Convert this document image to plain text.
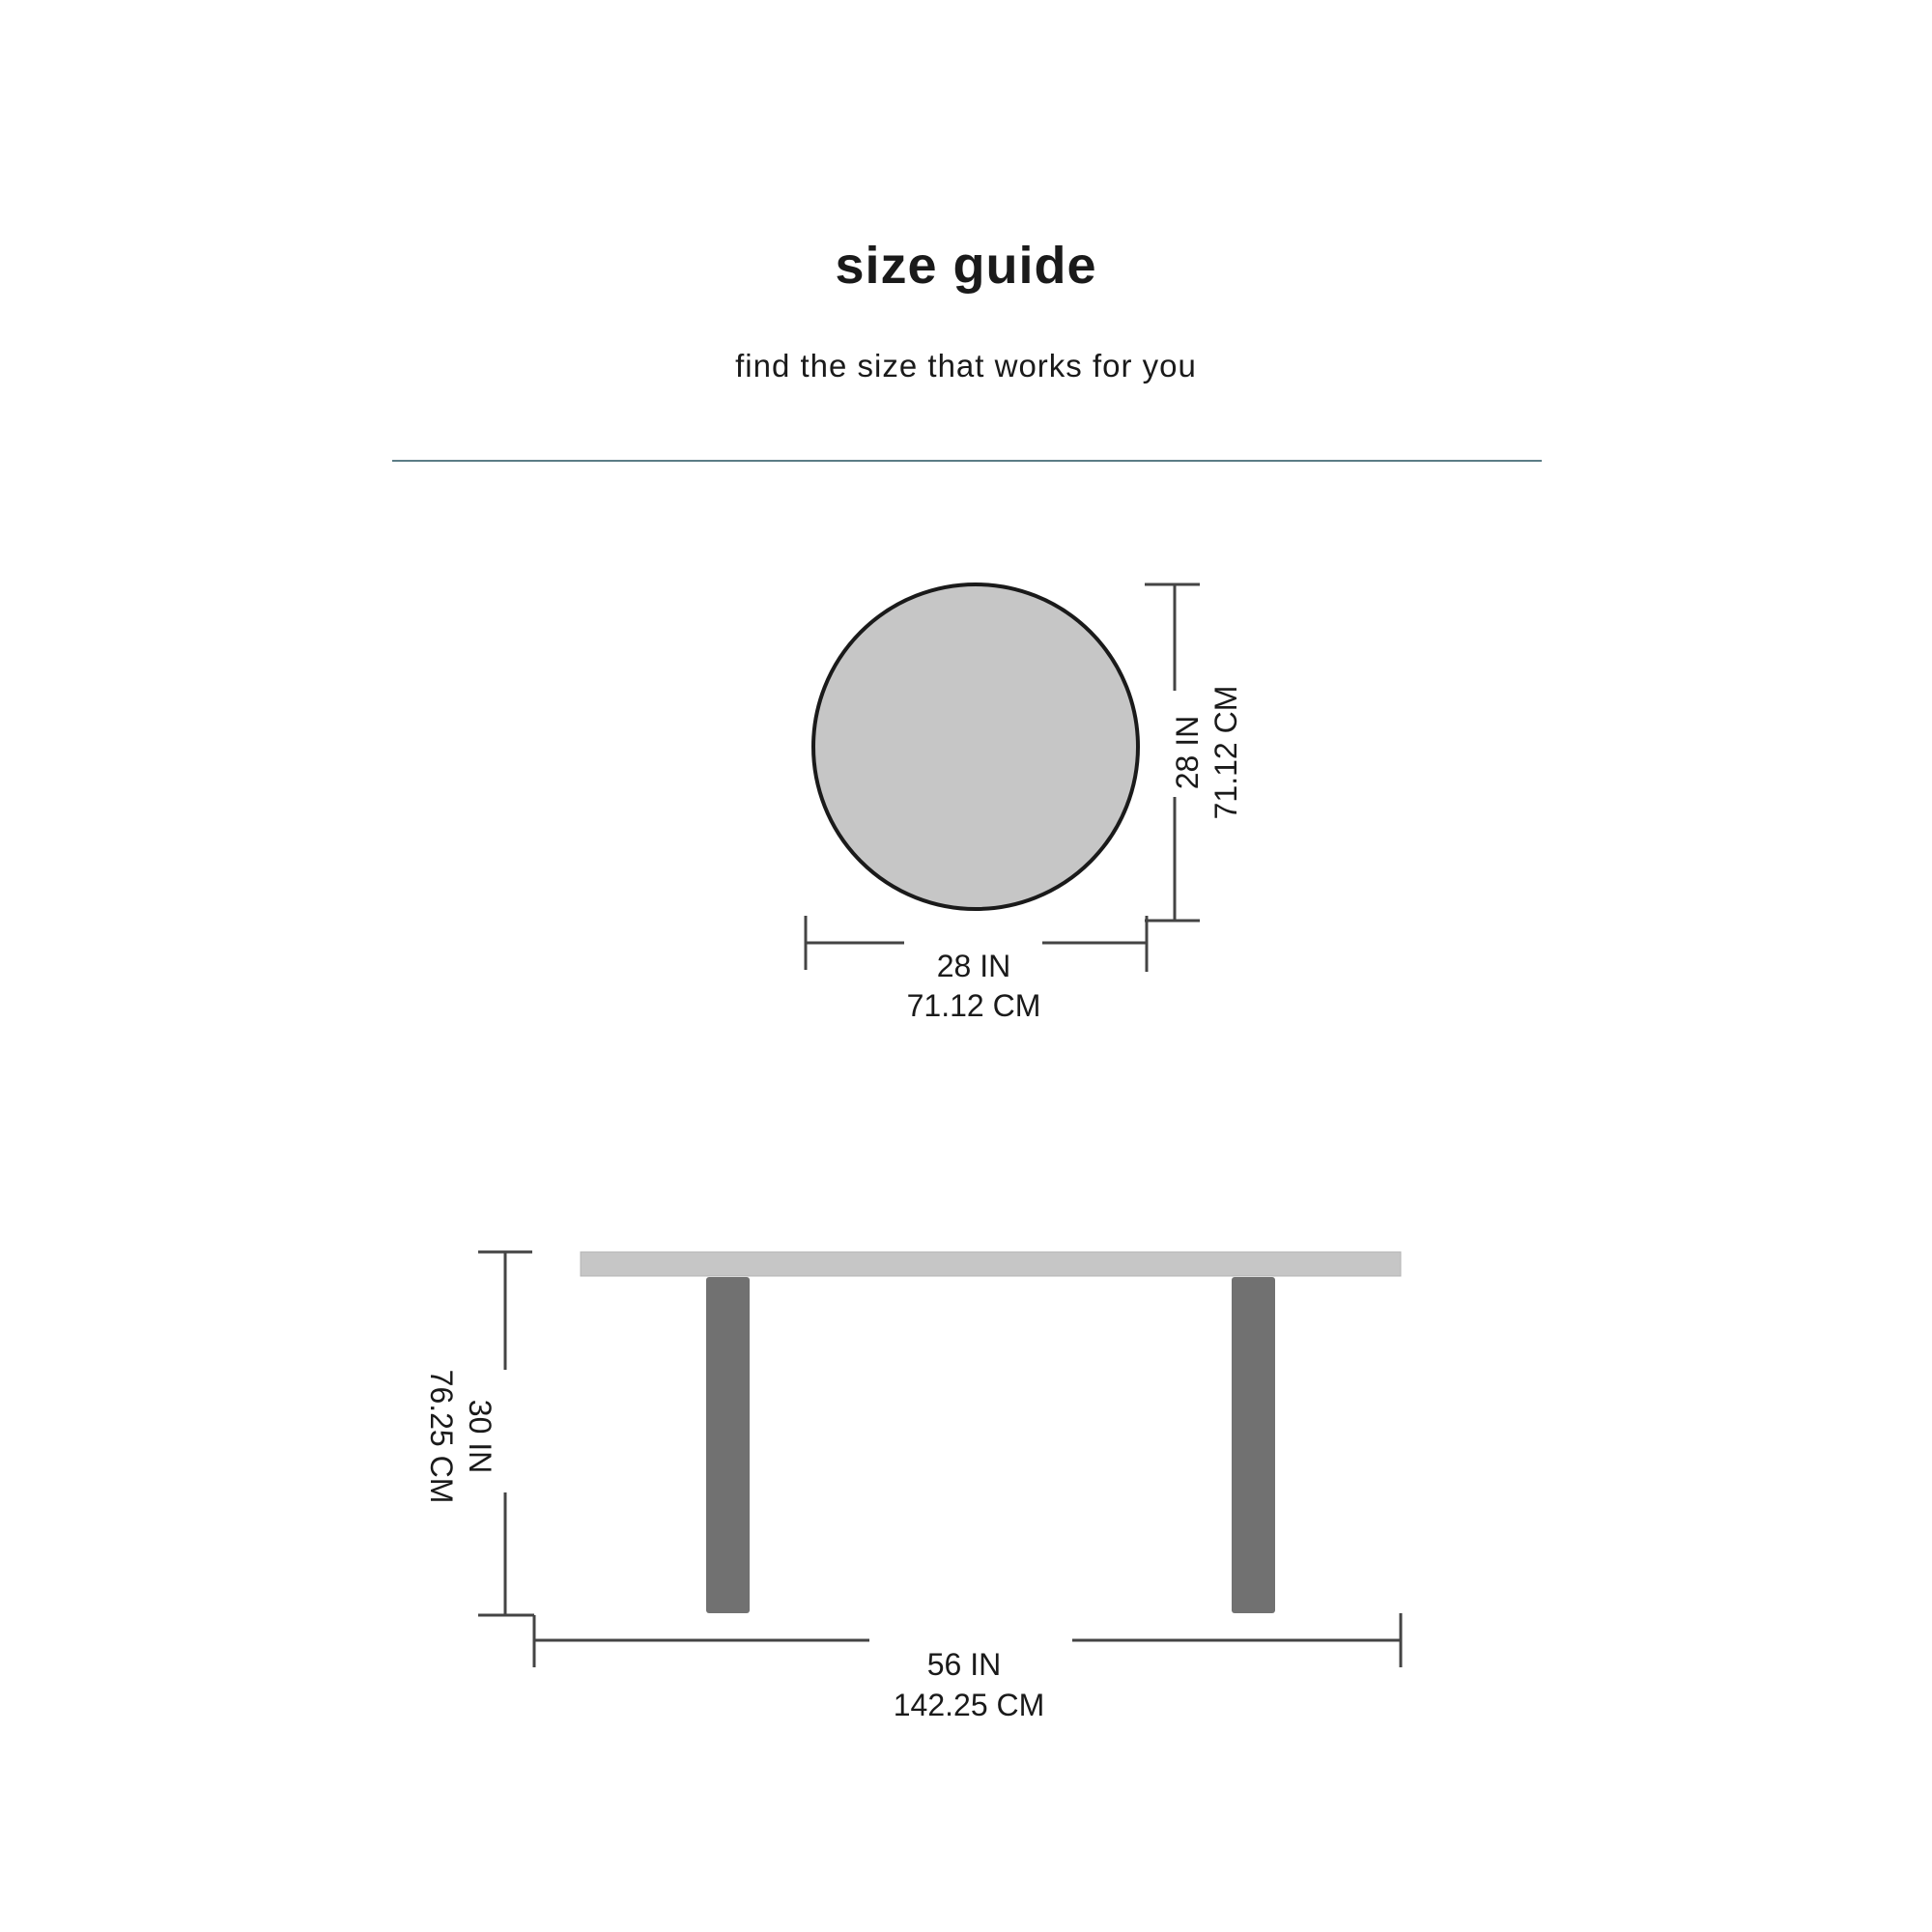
size guide

find the size that works for you

28 IN 71.12 CM
28 IN
71.12 CM
30 IN
76.25 CM
56 IN
142.25 CM
